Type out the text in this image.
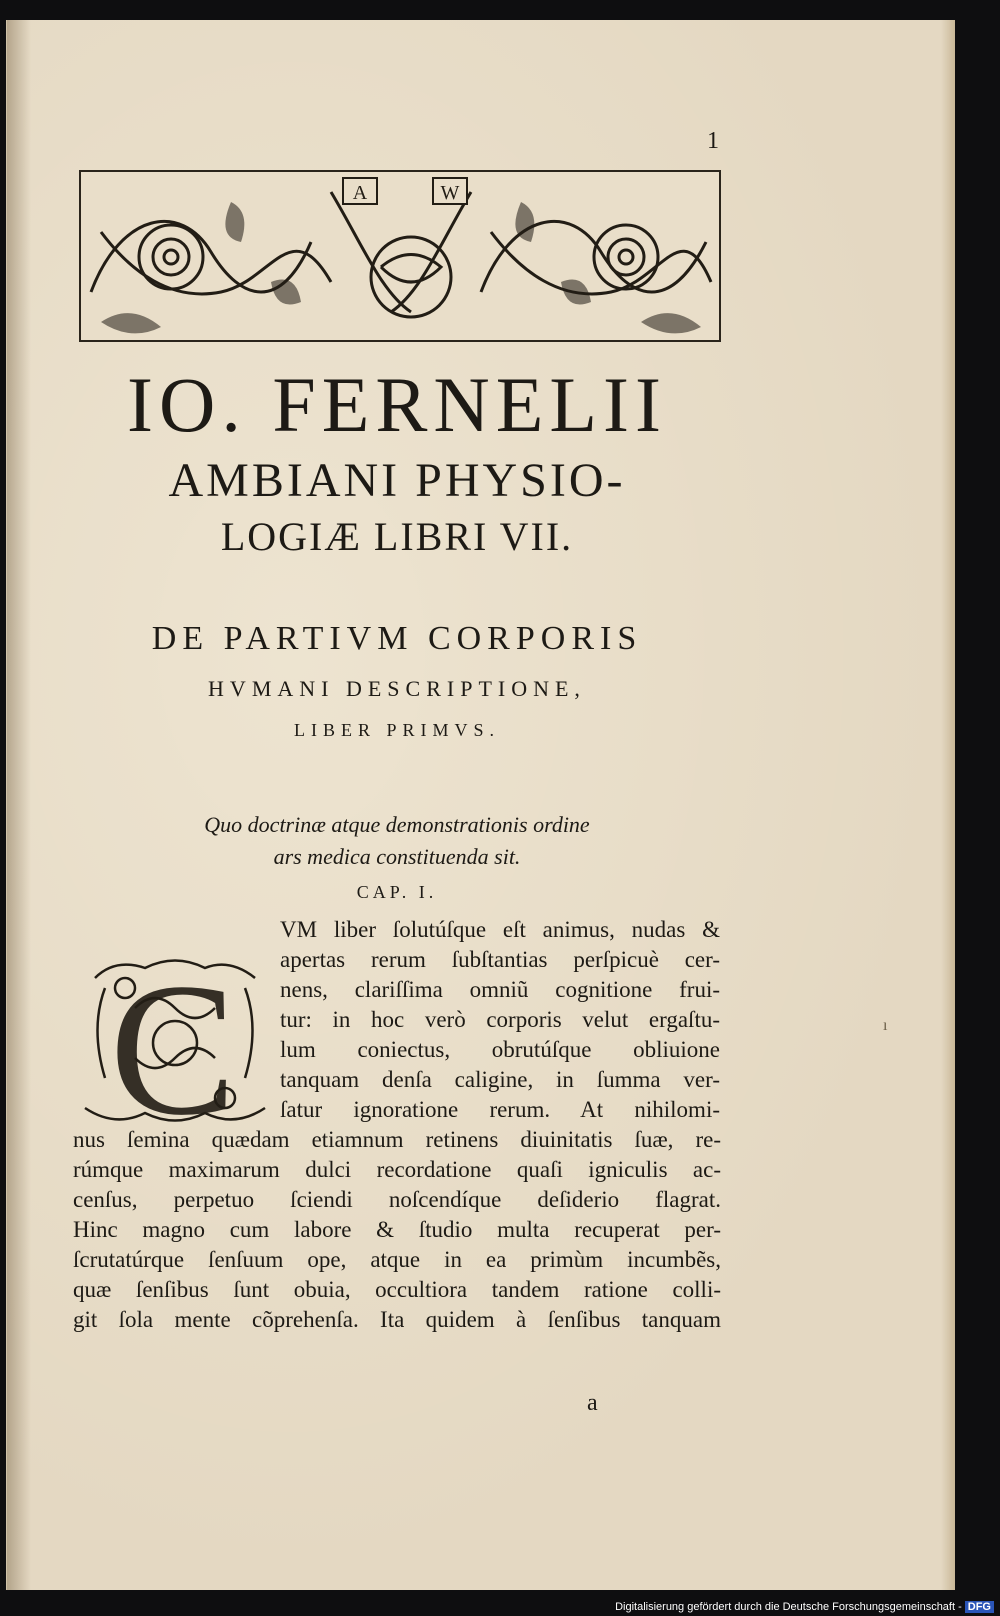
1
A	W
IO. FERNELII
AMBIANI PHYSIO-
LOGIÆ LIBRI VII.
DE PARTIVM CORPORIS
HVMANI DESCRIPTIONE,
LIBER PRIMVS.
Quo doctrinæ atque demonstrationis ordine
ars medica constituenda sit.
CAP. I.
C
VM liber ſolutúſque eſt animus, nudas &
apertas rerum ſubſtantias perſpicuè cer-
nens, clariſſima omniũ cognitione frui-
tur: in hoc verò corporis velut ergaſtu-
lum coniectus, obrutúſque obliuione
tanquam denſa caligine, in ſumma ver-
ſatur ignoratione rerum. At nihilomi-
nus ſemina quædam etiamnum retinens diuinitatis ſuæ, re-
rúmque maximarum dulci recordatione quaſi igniculis ac-
cenſus, perpetuo ſciendi noſcendíque deſiderio flagrat.
Hinc magno cum labore & ſtudio multa recuperat per-
ſcrutatúrque ſenſuum ope, atque in ea primùm incumbẽs,
quæ ſenſibus ſunt obuia, occultiora tandem ratione colli-
git ſola mente cõprehenſa. Ita quidem à ſenſibus tanquam
a
ı
Digitalisierung gefördert durch die Deutsche Forschungsgemeinschaft - DFG
